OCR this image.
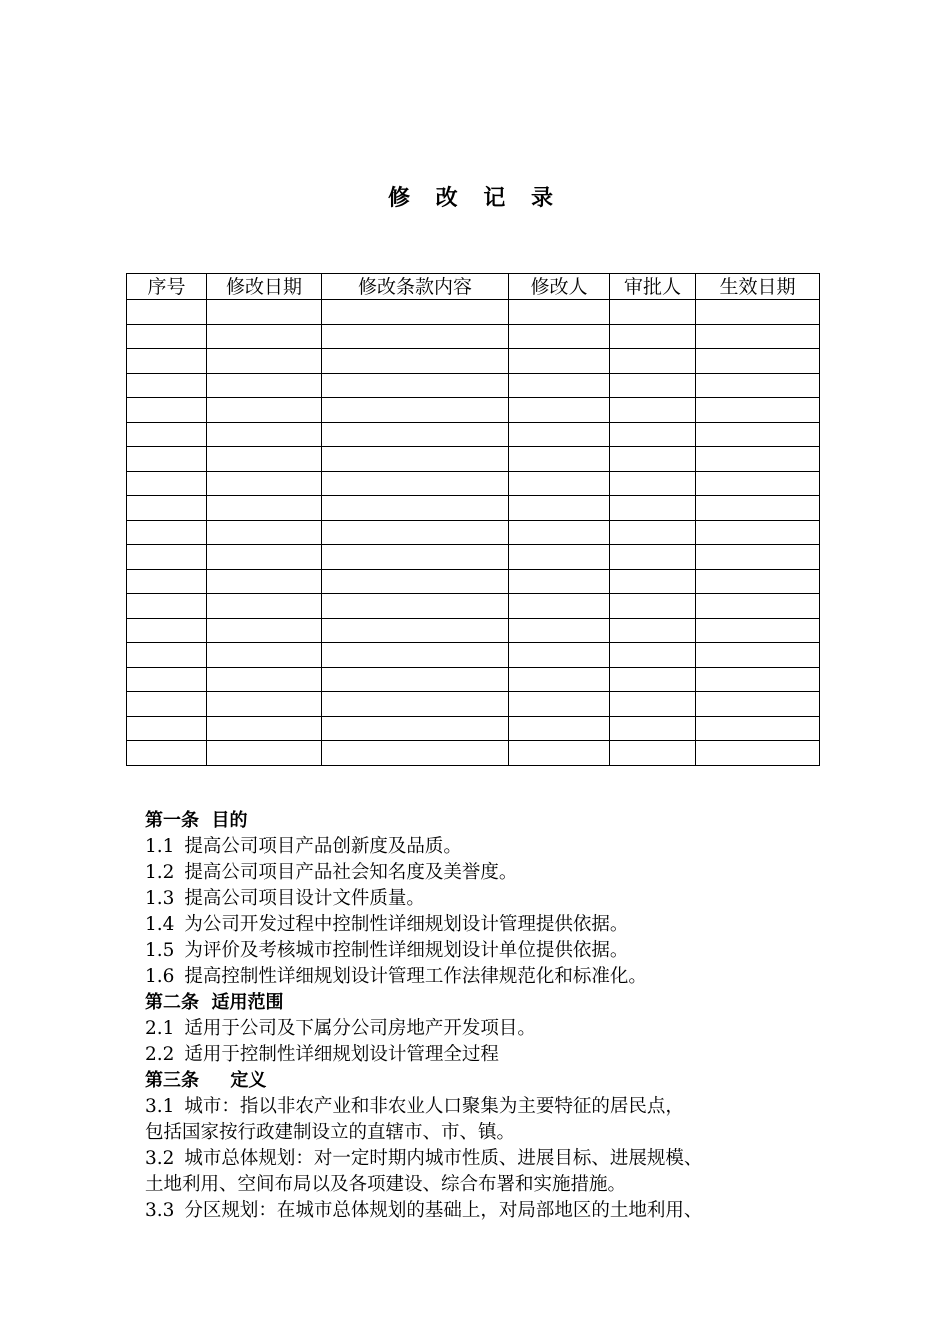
修 改 记 录
序号	修改日期	修改条款内容	修改人	审批人	生效日期

第一条  目的
1.1 提高公司项目产品创新度及品质。
1.2 提高公司项目产品社会知名度及美誉度。
1.3 提高公司项目设计文件质量。
1.4 为公司开发过程中控制性详细规划设计管理提供依据。
1.5 为评价及考核城市控制性详细规划设计单位提供依据。
1.6 提高控制性详细规划设计管理工作法律规范化和标准化。
第二条  适用范围
2.1 适用于公司及下属分公司房地产开发项目。
2.2 适用于控制性详细规划设计管理全过程
第三条     定义
3.1 城市：指以非农产业和非农业人口聚集为主要特征的居民点，
包括国家按行政建制设立的直辖市、市、镇。
3.2 城市总体规划：对一定时期内城市性质、进展目标、进展规模、
土地利用、空间布局以及各项建设、综合布署和实施措施。
3.3 分区规划：在城市总体规划的基础上，对局部地区的土地利用、
